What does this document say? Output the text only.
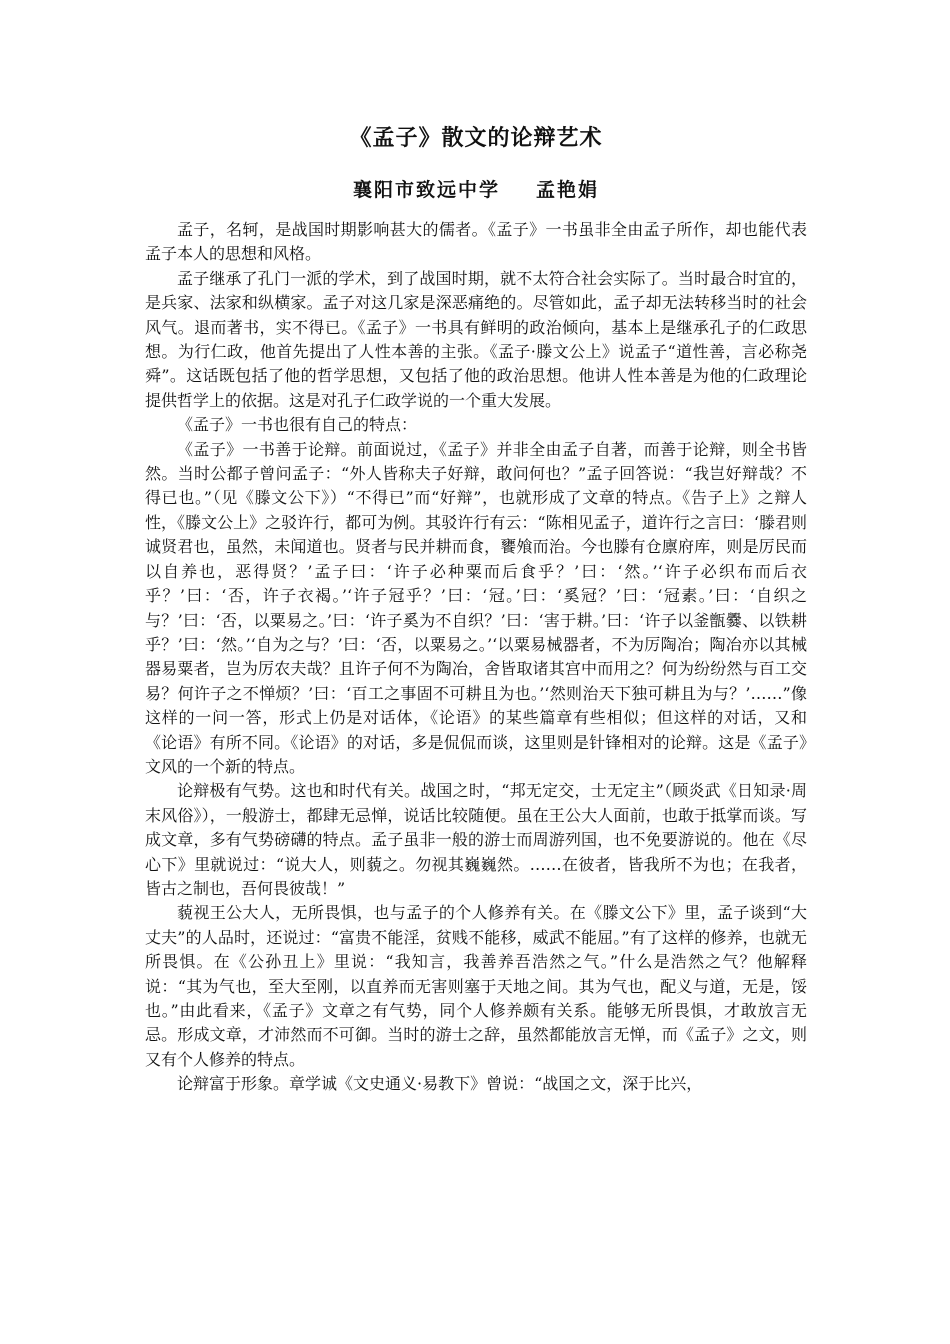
《孟子》散文的论辩艺术
襄阳市致远中学 孟艳娟

孟子，名轲，是战国时期影响甚大的儒者。《孟子》一书虽非全由孟子所作，却也能代表孟子本人的思想和风格。

孟子继承了孔门一派的学术，到了战国时期，就不太符合社会实际了。当时最合时宜的，是兵家、法家和纵横家。孟子对这几家是深恶痛绝的。尽管如此，孟子却无法转移当时的社会风气。退而著书，实不得已。《孟子》一书具有鲜明的政治倾向，基本上是继承孔子的仁政思想。为行仁政，他首先提出了人性本善的主张。《孟子·滕文公上》说孟子“道性善，言必称尧舜”。这话既包括了他的哲学思想，又包括了他的政治思想。他讲人性本善是为他的仁政理论提供哲学上的依据。这是对孔子仁政学说的一个重大发展。

《孟子》一书也很有自己的特点：

《孟子》一书善于论辩。前面说过，《孟子》并非全由孟子自著，而善于论辩，则全书皆然。当时公都子曾问孟子：“外人皆称夫子好辩，敢问何也？”孟子回答说：“我岂好辩哉？不得已也。”（见《滕文公下》）“不得已”而“好辩”，也就形成了文章的特点。《告子上》之辩人性，《滕文公上》之驳许行，都可为例。其驳许行有云：“陈相见孟子，道许行之言曰：‘滕君则诚贤君也，虽然，未闻道也。贤者与民并耕而食，饔飧而治。今也滕有仓廪府库，则是厉民而以自养也，恶得贤？’孟子曰：‘许子必种粟而后食乎？’曰：‘然。’‘许子必织布而后衣乎？’曰：‘否，许子衣褐。’‘许子冠乎？’曰：‘冠。’曰：‘奚冠？’曰：‘冠素。’曰：‘自织之与？’曰：‘否，以粟易之。’曰：‘许子奚为不自织？’曰：‘害于耕。’曰：‘许子以釜甑爨、以铁耕乎？’曰：‘然。’‘自为之与？’曰：‘否，以粟易之。’‘以粟易械器者，不为厉陶冶；陶冶亦以其械器易粟者，岂为厉农夫哉？且许子何不为陶冶，舍皆取诸其宫中而用之？何为纷纷然与百工交易？何许子之不惮烦？’曰：‘百工之事固不可耕且为也。’‘然则治天下独可耕且为与？’……”像这样的一问一答，形式上仍是对话体，《论语》的某些篇章有些相似；但这样的对话，又和《论语》有所不同。《论语》的对话，多是侃侃而谈，这里则是针锋相对的论辩。这是《孟子》文风的一个新的特点。

论辩极有气势。这也和时代有关。战国之时，“邦无定交，士无定主”（顾炎武《日知录·周末风俗》），一般游士，都肆无忌惮，说话比较随便。虽在王公大人面前，也敢于抵掌而谈。写成文章，多有气势磅礴的特点。孟子虽非一般的游士而周游列国，也不免要游说的。他在《尽心下》里就说过：“说大人，则藐之。勿视其巍巍然。……在彼者，皆我所不为也；在我者，皆古之制也，吾何畏彼哉！”

藐视王公大人，无所畏惧，也与孟子的个人修养有关。在《滕文公下》里，孟子谈到“大丈夫”的人品时，还说过：“富贵不能淫，贫贱不能移，威武不能屈。”有了这样的修养，也就无所畏惧。在《公孙丑上》里说：“我知言，我善养吾浩然之气。”什么是浩然之气？他解释说：“其为气也，至大至刚，以直养而无害则塞于天地之间。其为气也，配义与道，无是，馁也。”由此看来，《孟子》文章之有气势，同个人修养颇有关系。能够无所畏惧，才敢放言无忌。形成文章，才沛然而不可御。当时的游士之辞，虽然都能放言无惮，而《孟子》之文，则又有个人修养的特点。

论辩富于形象。章学诚《文史通义·易教下》曾说：“战国之文，深于比兴，
